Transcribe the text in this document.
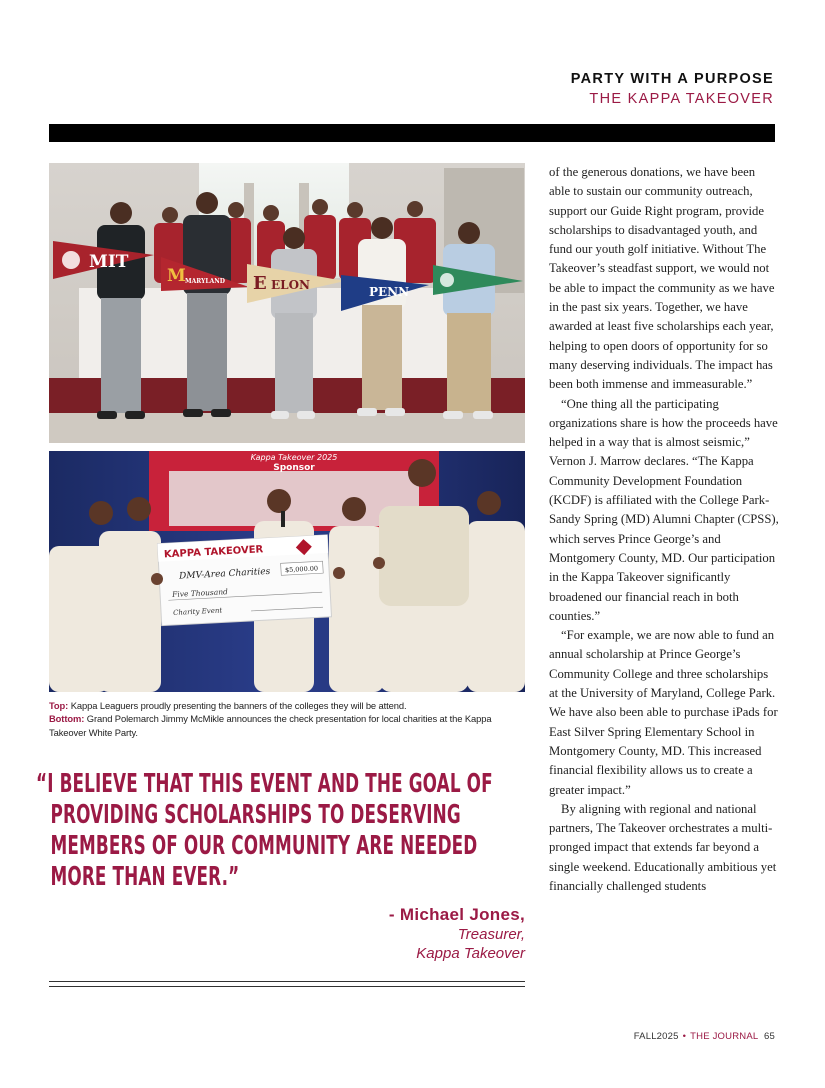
PARTY WITH A PURPOSE
THE KAPPA TAKEOVER
MIT
M MARYLAND E ELON	PENN
Kappa Takeover 2025
Sponsor
KAPPA TAKEOVER
DMV-Area Charities $5,000.00
Five Thousand
Charity Event
Top: Kappa Leaguers proudly presenting the banners of the colleges they will be attend.
Bottom: Grand Polemarch Jimmy McMikle announces the check presentation for local charities at the Kappa Takeover White Party.
“I BELIEVE THAT THIS EVENT AND THE GOAL OF
PROVIDING SCHOLARSHIPS TO DESERVING
MEMBERS OF OUR COMMUNITY ARE NEEDED
MORE THAN EVER.”
- Michael Jones,
Treasurer,
Kappa Takeover

of the generous donations, we have been able to sustain our community outreach, support our Guide Right program, provide scholarships to disadvantaged youth, and fund our youth golf initiative. Without The Takeover’s steadfast support, we would not be able to impact the community as we have in the past six years. Together, we have awarded at least five scholarships each year, helping to open doors of opportunity for so many deserving individuals. The impact has been both immense and immeasurable.”

“One thing all the participating organizations share is how the proceeds have helped in a way that is almost seismic,” Vernon J. Marrow declares. “The Kappa Community Development Foundation (KCDF) is affiliated with the College Park-Sandy Spring (MD) Alumni Chapter (CPSS), which serves Prince George’s and Montgomery County, MD. Our participation in the Kappa Takeover significantly broadened our financial reach in both counties.”

“For example, we are now able to fund an annual scholarship at Prince George’s Community College and three scholarships at the University of Maryland, College Park. We have also been able to purchase iPads for East Silver Spring Elementary School in Montgomery County, MD. This increased financial flexibility allows us to create a greater impact.”

By aligning with regional and national partners, The Takeover orchestrates a multi-pronged impact that extends far beyond a single weekend. Educationally ambitious yet financially challenged students

FALL2025 • THE JOURNAL 65
